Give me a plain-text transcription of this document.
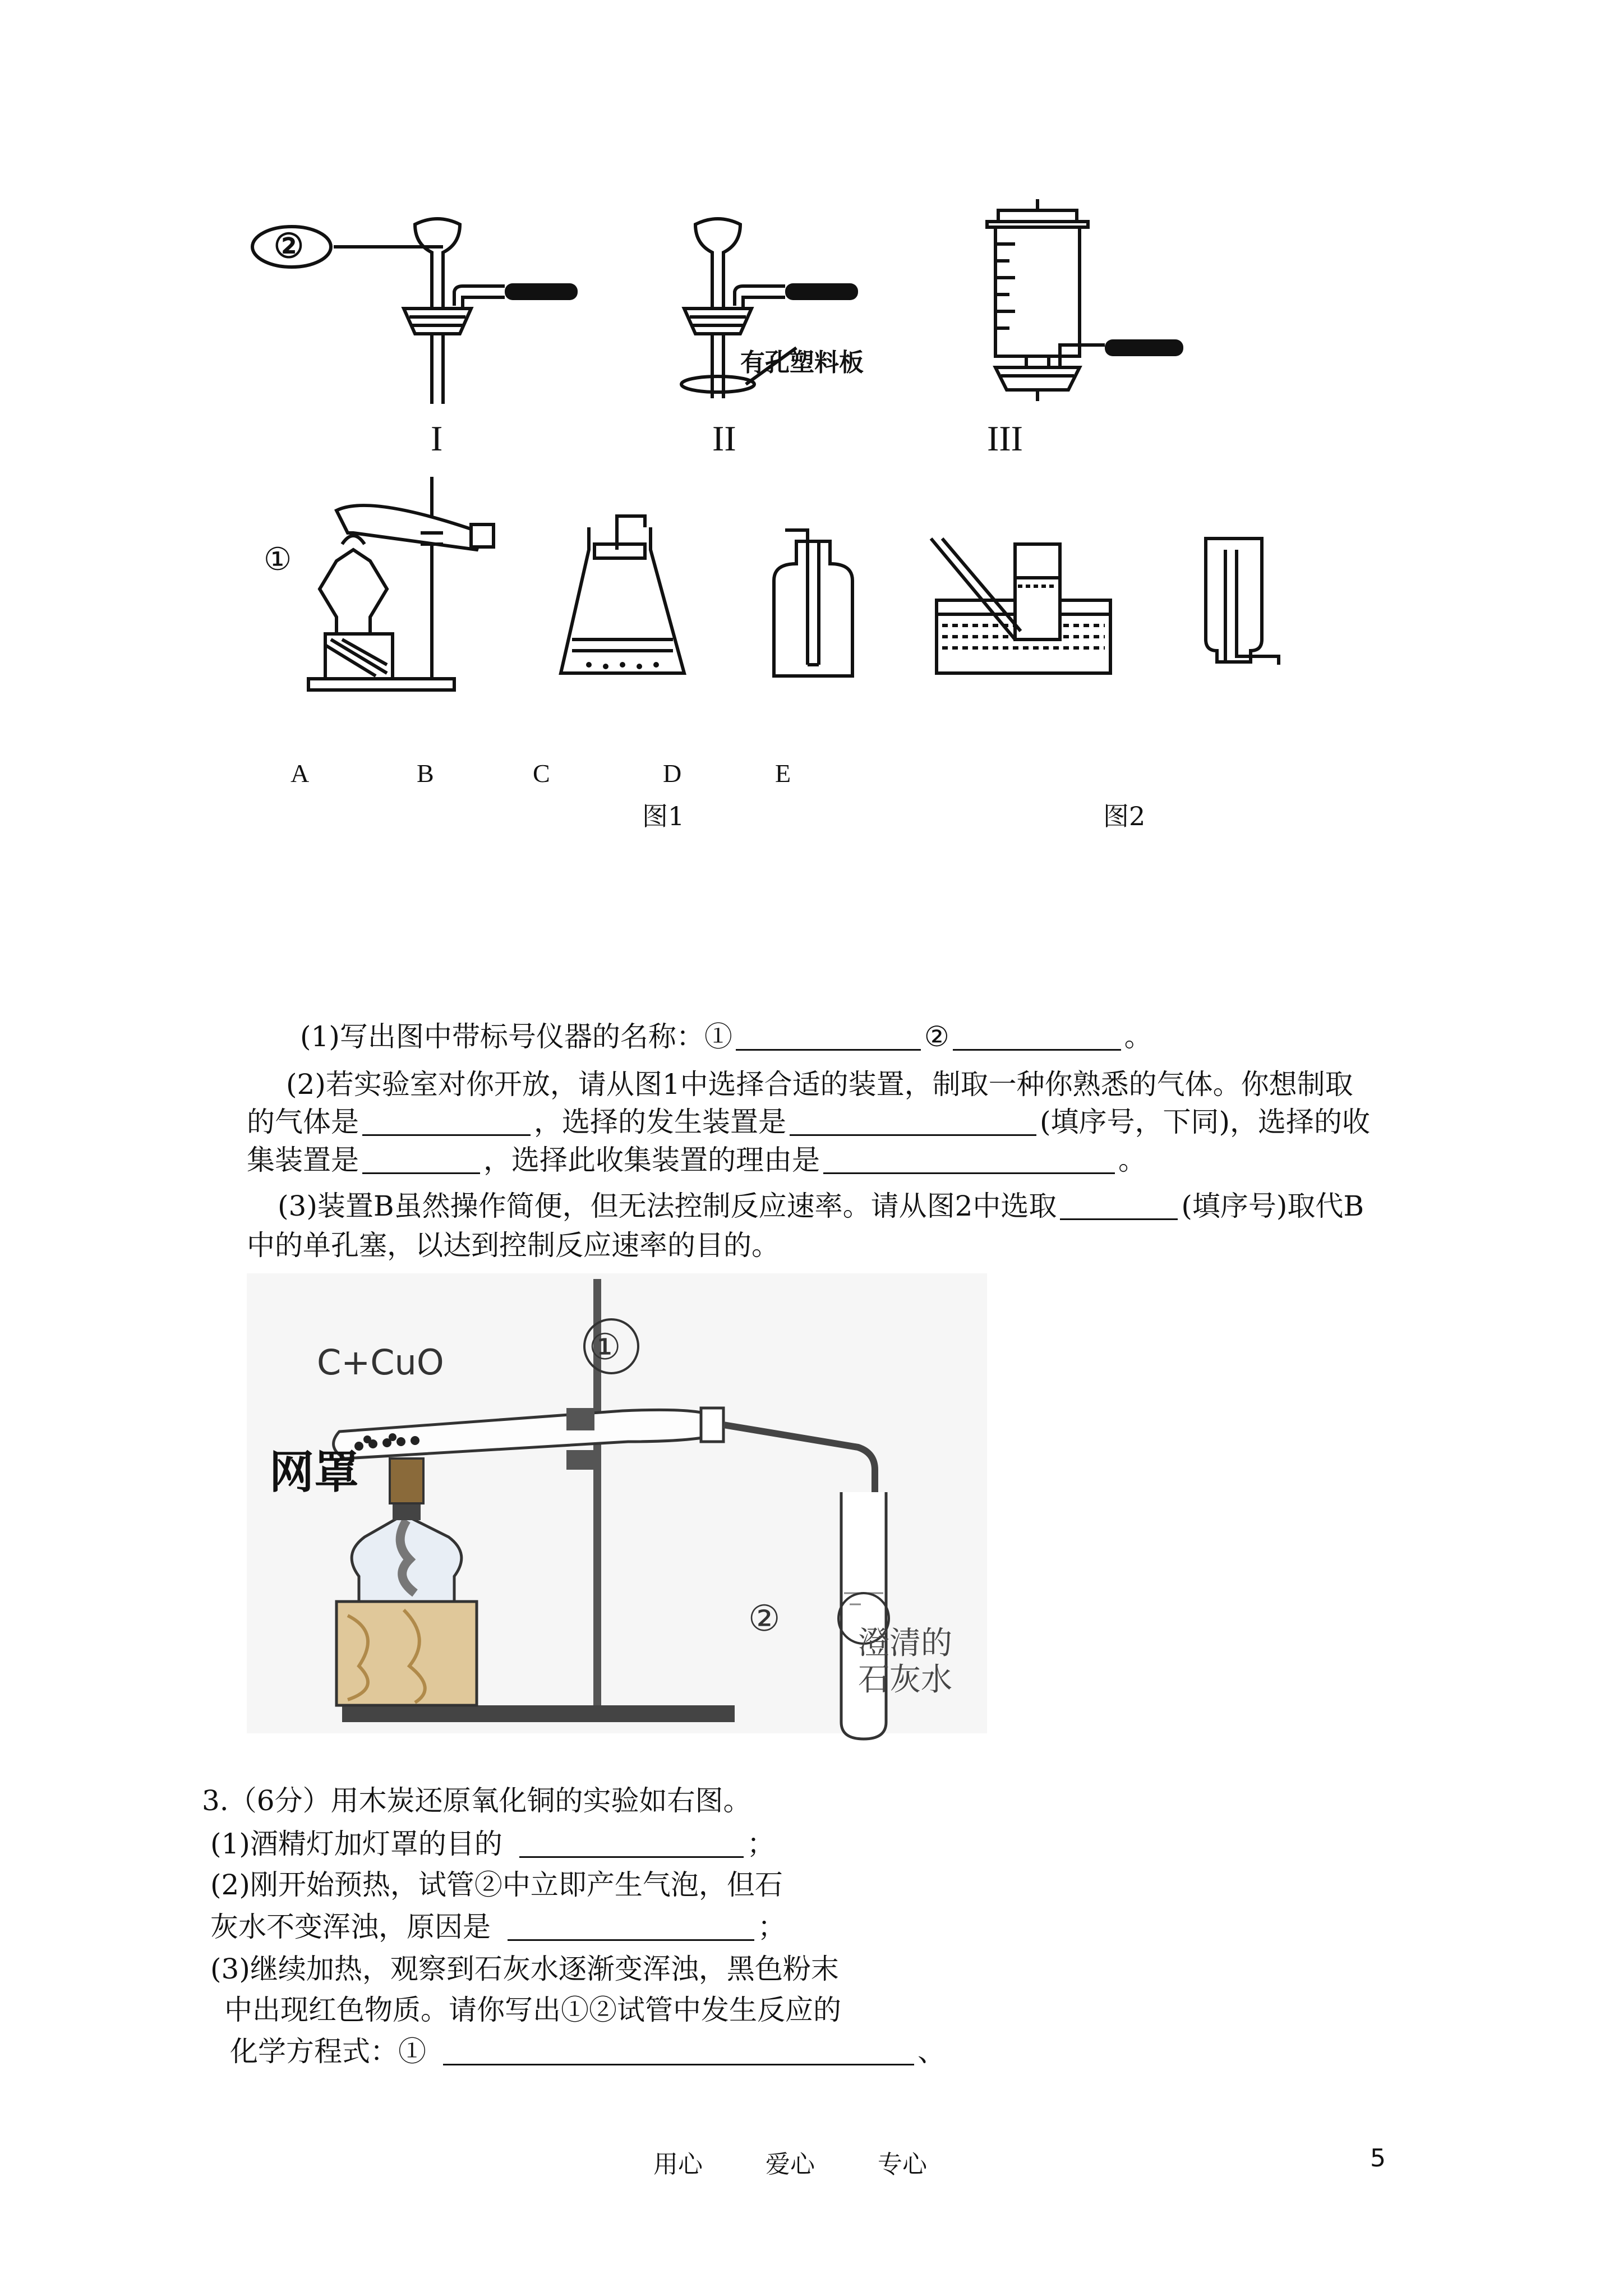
②
I
有孔塑料板
II	III
①
A	B	C	D	E
图1	图2
(1)写出图中带标号仪器的名称：①	②	。
(2)若实验室对你开放，请从图1中选择合适的装置，制取一种你熟悉的气体。你想制取
的气体是	，选择的发生装置是	(填序号，下同)，选择的收
集装置是	，选择此收集装置的理由是	。
(3)装置B虽然操作简便，但无法控制反应速率。请从图2中选取	(填序号)取代B
中的单孔塞，以达到控制反应速率的目的。
C+CuO	①
网罩
②
澄清的
石灰水
3.（6分）用木炭还原氧化铜的实验如右图。
(1)酒精灯加灯罩的目的	；
(2)刚开始预热，试管②中立即产生气泡，但石
灰水不变浑浊，原因是	；
(3)继续加热，观察到石灰水逐渐变浑浊，黑色粉末
中出现红色物质。请你写出①②试管中发生反应的
化学方程式：①	、
用心	爱心	专心	5
